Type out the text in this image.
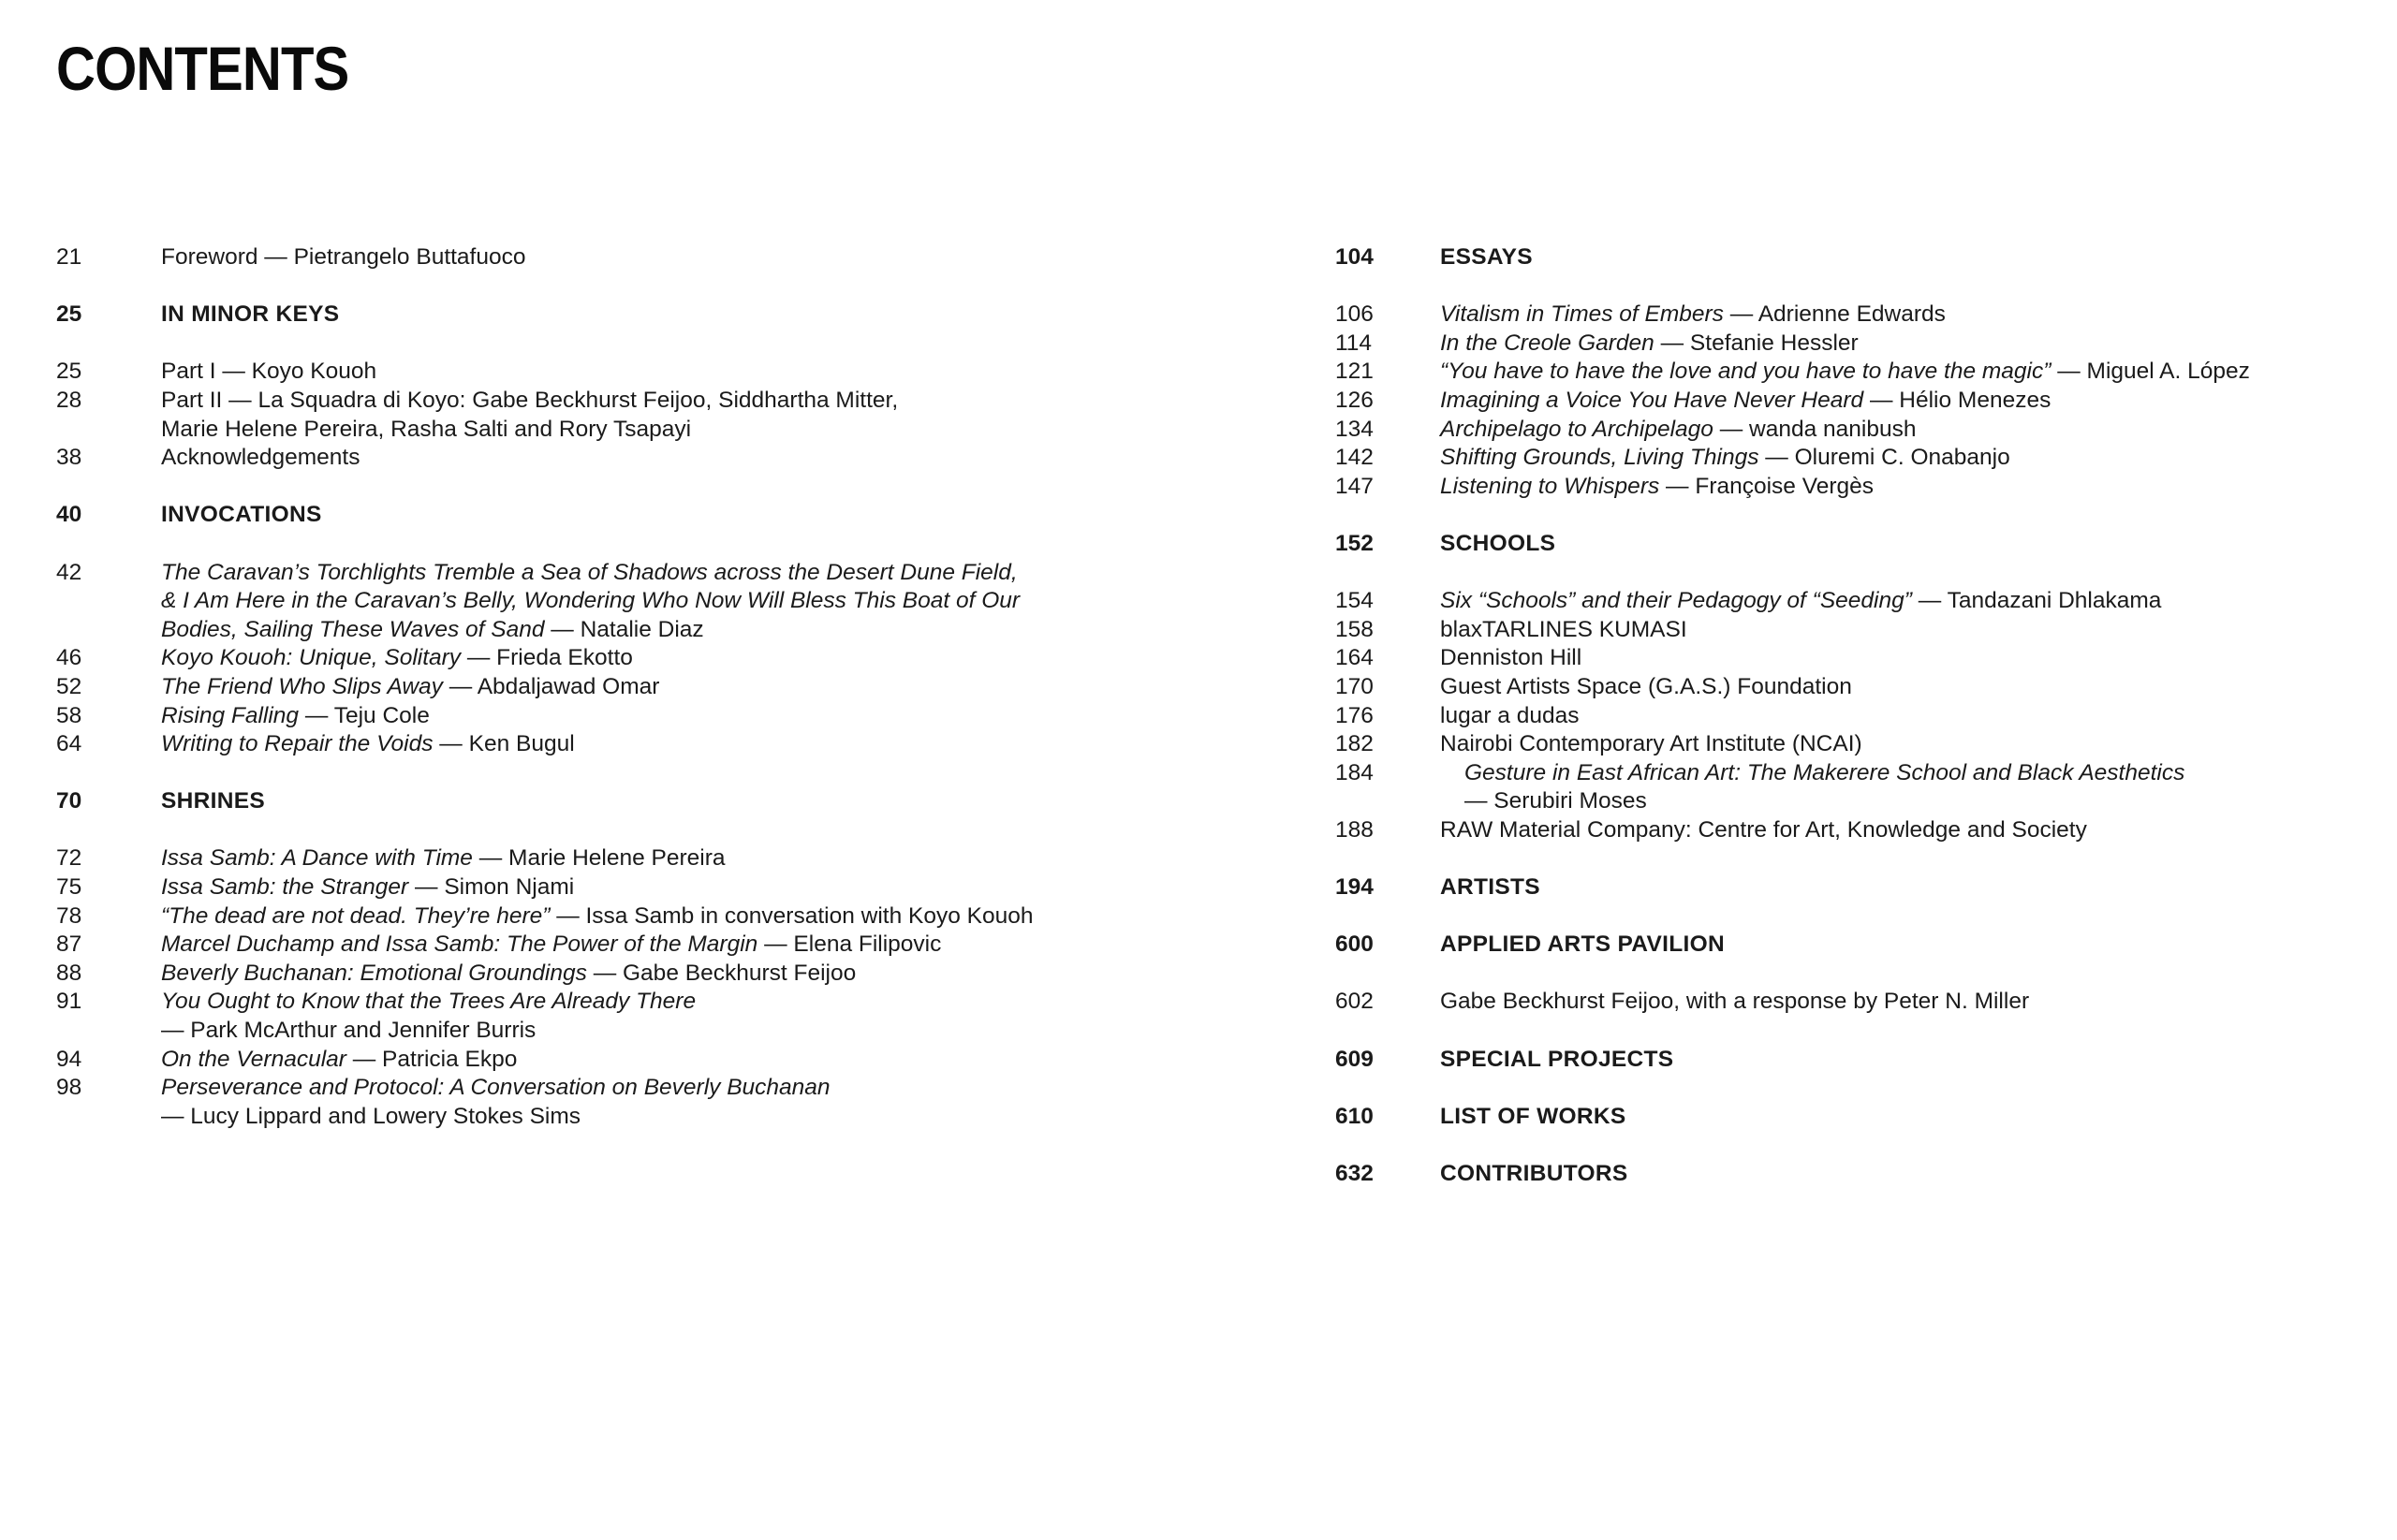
CONTENTS
21	Foreword — Pietrangelo Buttafuoco
25	IN MINOR KEYS
25	Part I — Koyo Kouoh
28	Part II — La Squadra di Koyo: Gabe Beckhurst Feijoo, Siddhartha Mitter,
Marie Helene Pereira, Rasha Salti and Rory Tsapayi
38	Acknowledgements
40	INVOCATIONS
42	The Caravan’s Torchlights Tremble a Sea of Shadows across the Desert Dune Field,
& I Am Here in the Caravan’s Belly, Wondering Who Now Will Bless This Boat of Our
Bodies, Sailing These Waves of Sand — Natalie Diaz
46	Koyo Kouoh: Unique, Solitary — Frieda Ekotto
52	The Friend Who Slips Away — Abdaljawad Omar
58	Rising Falling — Teju Cole
64	Writing to Repair the Voids — Ken Bugul
70	SHRINES
72	Issa Samb: A Dance with Time — Marie Helene Pereira
75	Issa Samb: the Stranger — Simon Njami
78	“The dead are not dead. They’re here” — Issa Samb in conversation with Koyo Kouoh
87	Marcel Duchamp and Issa Samb: The Power of the Margin — Elena Filipovic
88	Beverly Buchanan: Emotional Groundings — Gabe Beckhurst Feijoo
91	You Ought to Know that the Trees Are Already There
— Park McArthur and Jennifer Burris
94	On the Vernacular — Patricia Ekpo
98	Perseverance and Protocol: A Conversation on Beverly Buchanan
— Lucy Lippard and Lowery Stokes Sims
104	ESSAYS
106	Vitalism in Times of Embers — Adrienne Edwards
114	In the Creole Garden — Stefanie Hessler
121	“You have to have the love and you have to have the magic” — Miguel A. López
126	Imagining a Voice You Have Never Heard — Hélio Menezes
134	Archipelago to Archipelago — wanda nanibush
142	Shifting Grounds, Living Things — Oluremi C. Onabanjo
147	Listening to Whispers — Françoise Vergès
152	SCHOOLS
154	Six “Schools” and their Pedagogy of “Seeding” — Tandazani Dhlakama
158	blaxTARLINES KUMASI
164	Denniston Hill
170	Guest Artists Space (G.A.S.) Foundation
176	lugar a dudas
182	Nairobi Contemporary Art Institute (NCAI)
184	Gesture in East African Art: The Makerere School and Black Aesthetics
— Serubiri Moses
188	RAW Material Company: Centre for Art, Knowledge and Society
194	ARTISTS
600	APPLIED ARTS PAVILION
602	Gabe Beckhurst Feijoo, with a response by Peter N. Miller
609	SPECIAL PROJECTS
610	LIST OF WORKS
632	CONTRIBUTORS
